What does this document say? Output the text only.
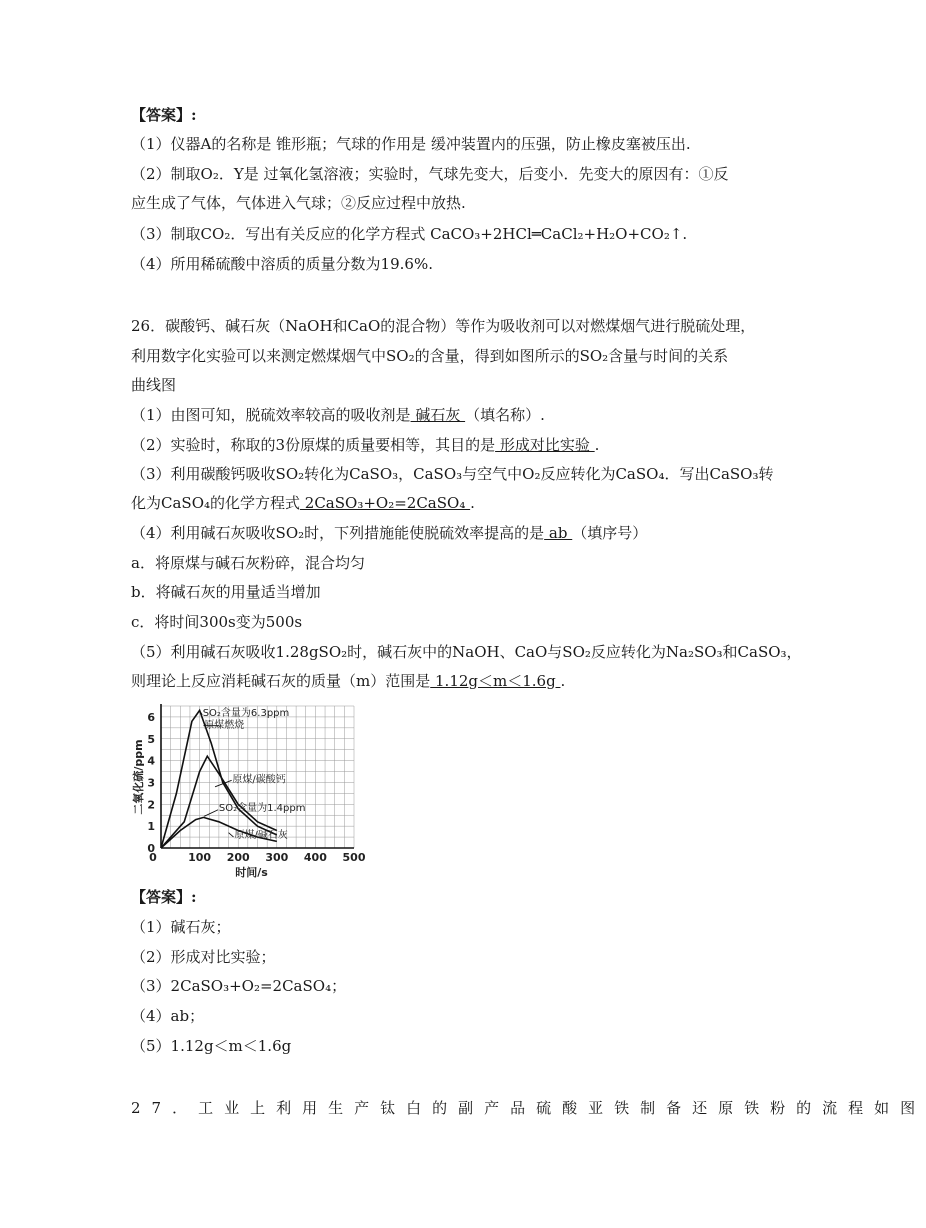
【答案】:
（1）仪器A的名称是 锥形瓶；气球的作用是 缓冲装置内的压强，防止橡皮塞被压出.
（2）制取O₂．Y是 过氧化氢溶液；实验时，气球先变大，后变小．先变大的原因有：①反
应生成了气体，气体进入气球；②反应过程中放热.
（3）制取CO₂．写出有关反应的化学方程式 CaCO₃+2HCl═CaCl₂+H₂O+CO₂↑.
（4）所用稀硫酸中溶质的质量分数为19.6%.
26．碳酸钙、碱石灰（NaOH和CaO的混合物）等作为吸收剂可以对燃煤烟气进行脱硫处理，
利用数字化实验可以来测定燃煤烟气中SO₂的含量，得到如图所示的SO₂含量与时间的关系
曲线图
（1）由图可知，脱硫效率较高的吸收剂是 碱石灰 （填名称）.
（2）实验时，称取的3份原煤的质量要相等，其目的是 形成对比实验 .
（3）利用碳酸钙吸收SO₂转化为CaSO₃，CaSO₃与空气中O₂反应转化为CaSO₄．写出CaSO₃转
化为CaSO₄的化学方程式 2CaSO₃+O₂=2CaSO₄ .
（4）利用碱石灰吸收SO₂时，下列措施能使脱硫效率提高的是 ab （填序号）
a．将原煤与碱石灰粉碎，混合均匀
b．将碱石灰的用量适当增加
c．将时间300s变为500s
（5）利用碱石灰吸收1.28gSO₂时，碱石灰中的NaOH、CaO与SO₂反应转化为Na₂SO₃和CaSO₃，
则理论上反应消耗碱石灰的质量（m）范围是 1.12g＜m＜1.6g .
0
1
2
3
4
5
6
0	100 200 300 400 500
时间/s
二氧化硫/ppm
SO₂含量为6.3ppm
原煤燃烧
原煤/碳酸钙
SO₂含量为1.4ppm
原煤/碱石灰
【答案】:
（1）碱石灰；
（2）形成对比实验；
（3）2CaSO₃+O₂=2CaSO₄；
（4）ab；
（5）1.12g＜m＜1.6g
27．工业上利用生产钛白的副产品硫酸亚铁制备还原铁粉的流程如图
